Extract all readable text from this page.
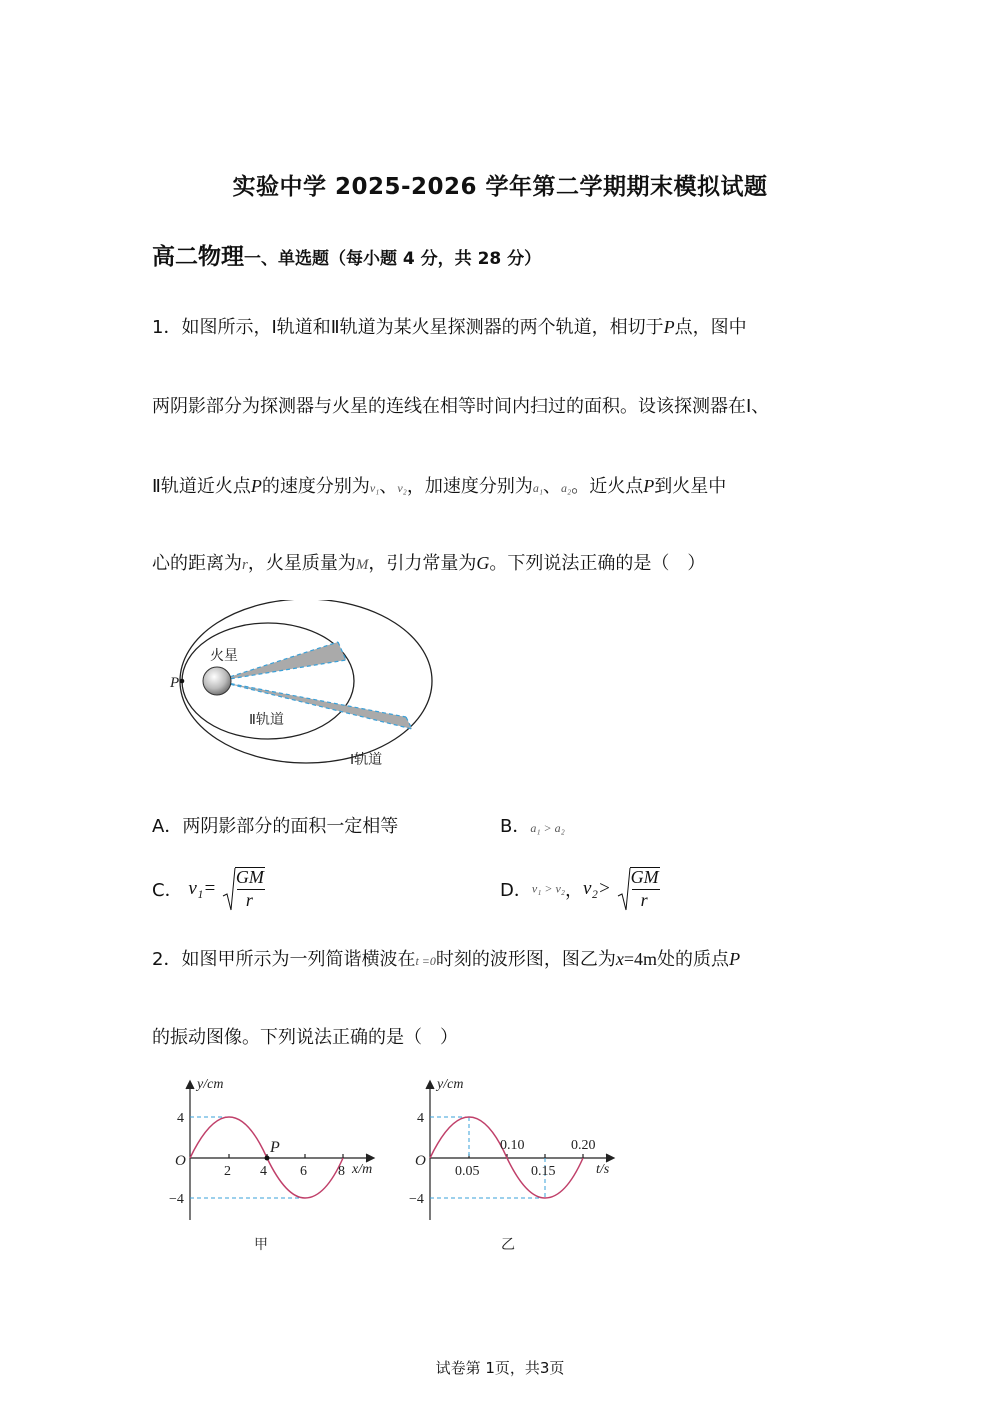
实验中学 2025-2026 学年第二学期期末模拟试题
高二物理一、单选题（每小题 4 分，共 28 分）
1．如图所示，Ⅰ轨道和Ⅱ轨道为某火星探测器的两个轨道，相切于P点，图中
两阴影部分为探测器与火星的连线在相等时间内扫过的面积。设该探测器在Ⅰ、
Ⅱ轨道近火点P的速度分别为v₁、v₂，加速度分别为a₁、a₂。近火点P到火星中
心的距离为r，火星质量为M，引力常量为G。下列说法正确的是（　）
火星
P
Ⅱ轨道
Ⅰ轨道
A．两阴影部分的面积一定相等	B．a₁ > a₂
C． $v_1= \frac{GM}{r}$	D．v₁ > v₂，$v_2> \frac{GM}{r}$
2．如图甲所示为一列简谐横波在t =0时刻的波形图，图乙为x=4m处的质点P
的振动图像。下列说法正确的是（　）
y/cm
x/m
O
4
−4
2 4 6 8
P
甲
y/cm
t/s
O
4
−4
0.05	0.15
0.10	0.20
乙
试卷第 1页，共3页
